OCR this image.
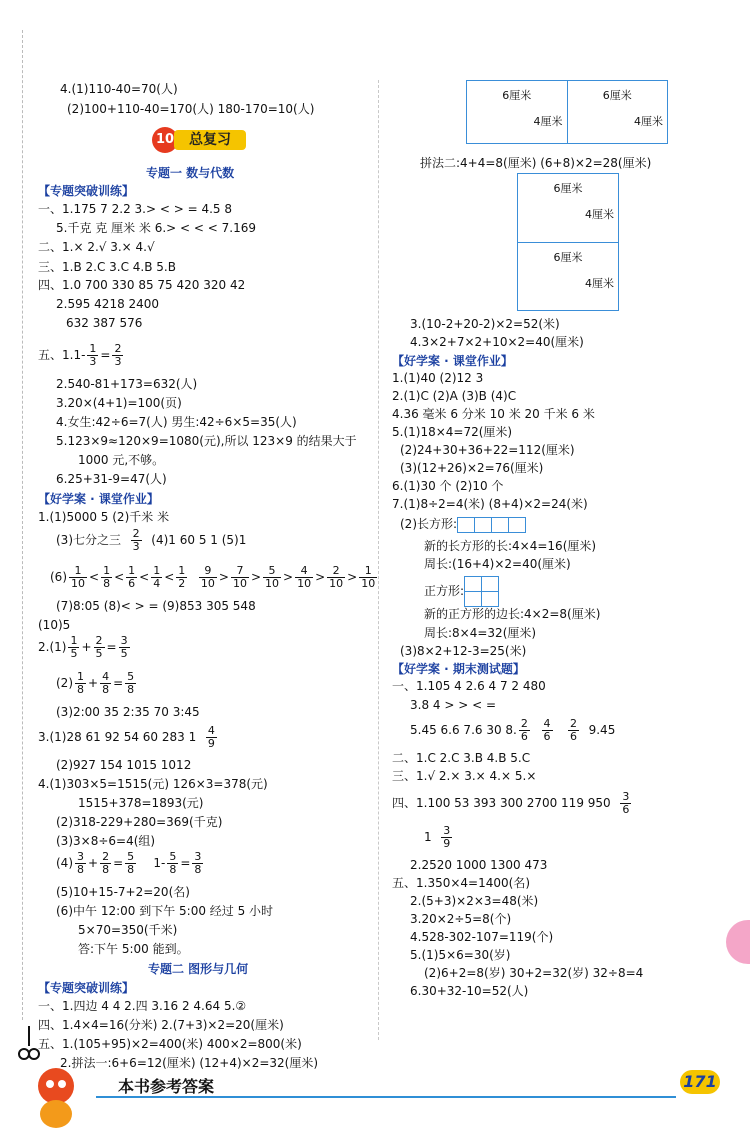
4.(1)110-40=70(人)
(2)100+110-40=170(人) 180-170=10(人)
10	总复习
专题一 数与代数
【专题突破训练】
一、1.175 7 2.2 3.> < > = 4.5 8
5.千克 克 厘米 米 6.> < < < 7.169
二、1.× 2.√ 3.× 4.√
三、1.B 2.C 3.C 4.B 5.B
四、1.0 700 330 85 75 420 320 42
2.595 4218 2400
632 387 576
五、$1.1- \frac{1}{3} = \frac{2}{3}$
2.540-81+173=632(人)
3.20×(4+1)=100(页)
4.女生:42÷6=7(人) 男生:42÷6×5=35(人)
5.123×9≈120×9=1080(元),所以 123×9 的结果大于
1000 元,不够。
6.25+31-9=47(人)
【好学案 · 课堂作业】
1.(1)5000 5 (2)千米 米
(3)七分之三 $\frac{2}{3} (4)1$ 60 5 1 (5)1
$(6) \frac{1}{10} < \frac{1}{8} < \frac{1}{6} < \frac{1}{4} < \frac{1}{2}$
$\frac{9}{10} > \frac{7}{10} > \frac{5}{10} > \frac{4}{10} > \frac{2}{10} > \frac{1}{10}$
(7)8:05 (8)< > = (9)853 305 548
(10)5
$2.(1) \frac{1}{5} + \frac{2}{5} = \frac{3}{5}$
$(2) \frac{1}{8} + \frac{4}{8} = \frac{5}{8}$
(3)2:00 35 2:35 70 3:45
3.(1)28 61 92 54 60 283 $1 \frac{4}{9}$
(2)927 154 1015 1012
4.(1)303×5=1515(元) 126×3=378(元)
1515+378=1893(元)
(2)318-229+280=369(千克)
(3)3×8÷6=4(组)
$(4) \frac{3}{8} + \frac{2}{8} = \frac{5}{8} 1- \frac{5}{8} = \frac{3}{8}$
(5)10+15-7+2=20(名)
(6)中午 12:00 到下午 5:00 经过 5 小时
5×70=350(千米)
答:下午 5:00 能到。
专题二 图形与几何
【专题突破训练】
一、1.四边 4 4 2.四 3.16 2 4.64 5.②
四、1.4×4=16(分米) 2.(7+3)×2=20(厘米)
五、1.(105+95)×2=400(米) 400×2=800(米)
2.拼法一:6+6=12(厘米) (12+4)×2=32(厘米)
6厘米
4厘米
6厘米
4厘米
拼法二:4+4=8(厘米) (6+8)×2=28(厘米)
6厘米
4厘米
6厘米
4厘米
3.(10-2+20-2)×2=52(米)
4.3×2+7×2+10×2=40(厘米)
【好学案 · 课堂作业】
1.(1)40 (2)12 3
2.(1)C (2)A (3)B (4)C
4.36 毫米 6 分米 10 米 20 千米 6 米
5.(1)18×4=72(厘米)
(2)24+30+36+22=112(厘米)
(3)(12+26)×2=76(厘米)
6.(1)30 个 (2)10 个
7.(1)8÷2=4(米) (8+4)×2=24(米)
(2)长方形:
新的长方形的长:4×4=16(厘米)
周长:(16+4)×2=40(厘米)
正方形:
新的正方形的边长:4×2=8(厘米)
周长:8×4=32(厘米)
(3)8×2+12-3=25(米)
【好学案 · 期末测试题】
一、1.105 4 2.6 4 7 2 480
3.8 4 > > < =
5.45 6.6 7.6 30 8. $\frac{2}{6}$
$\frac{4}{6}$
$\frac{2}{6} 9.45$
二、1.C 2.C 3.B 4.B 5.C
三、1.√ 2.× 3.× 4.× 5.×
四、1.100 53 393 300 2700 119 $950 \frac{3}{6}$
$1 \frac{3}{9}$
2.2520 1000 1300 473
五、1.350×4=1400(名)
2.(5+3)×2×3=48(米)
3.20×2÷5=8(个)
4.528-302-107=119(个)
5.(1)5×6=30(岁)
(2)6+2=8(岁) 30+2=32(岁) 32÷8=4
6.30+32-10=52(人)
本书参考答案	171
